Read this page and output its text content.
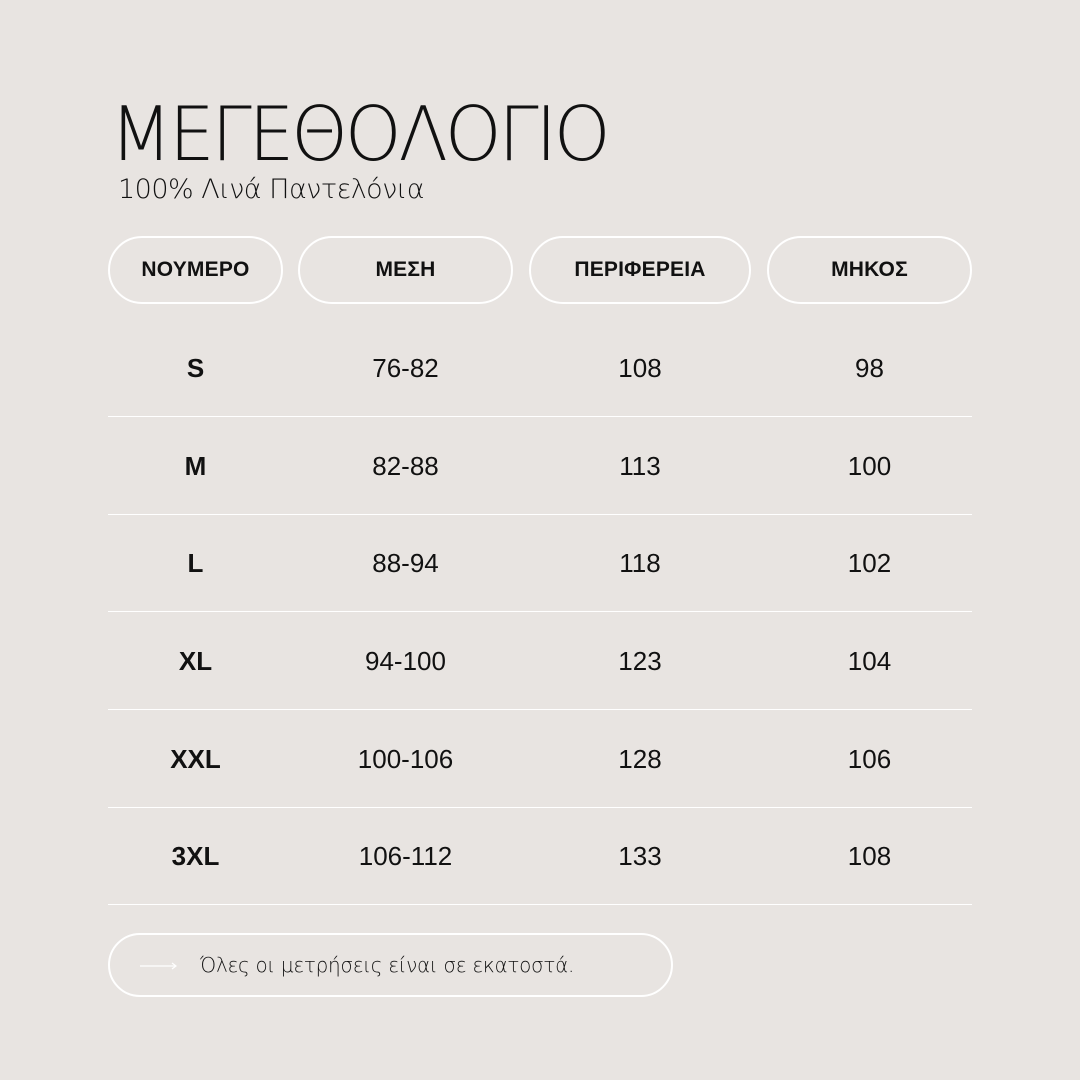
ΜΕΓΕΘΟΛΟΓΙΟ
100% Λινά Παντελόνια
ΝΟΥΜΕΡΟ	ΜΕΣΗ	ΠΕΡΙΦΕΡΕΙΑ	ΜΗΚΟΣ
S	76-82	108	98
M	82-88	113	100
L	88-94	118	102
XL	94-100	123	104
XXL	100-106	128	106
3XL	106-112	133	108
Όλες οι μετρήσεις είναι σε εκατοστά.
